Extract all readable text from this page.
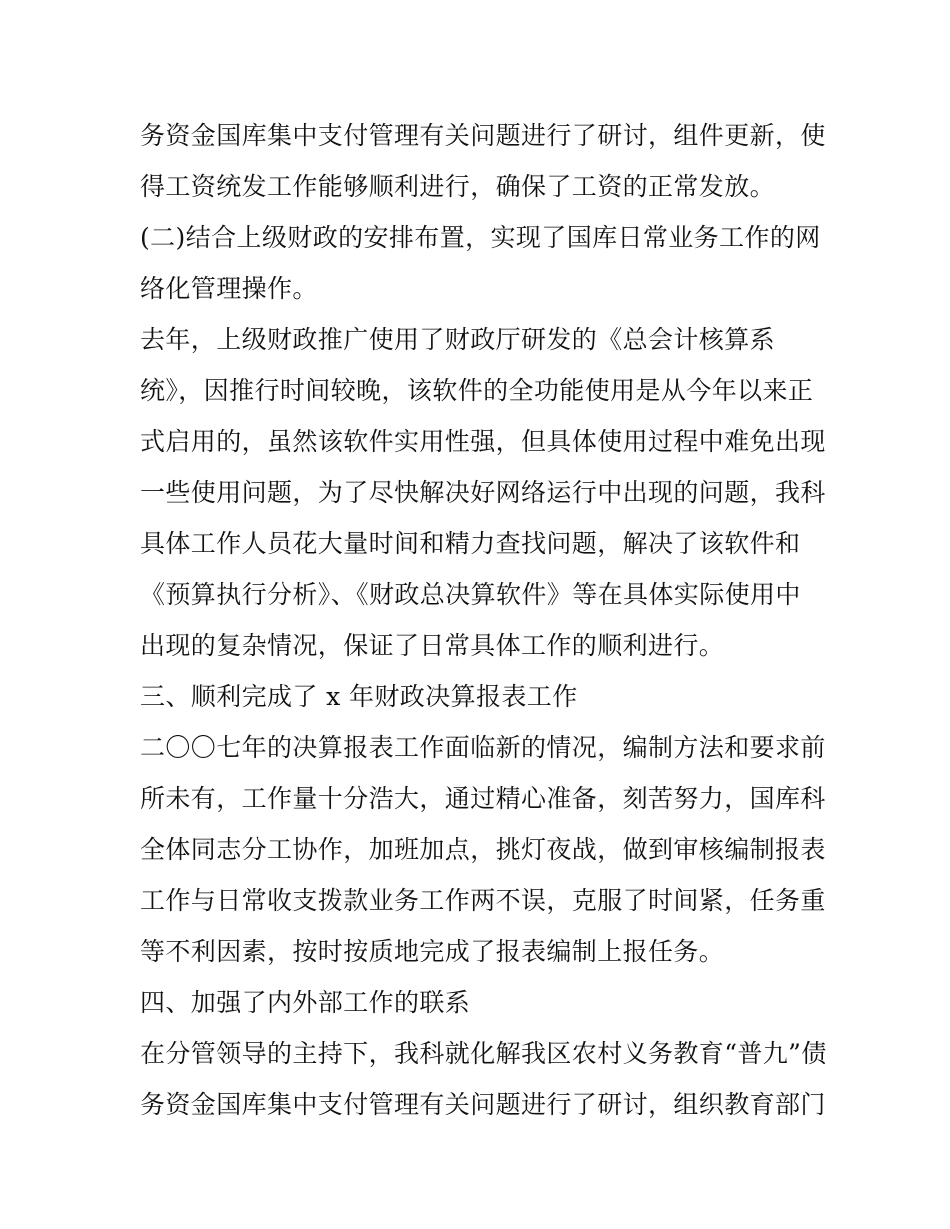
务资金国库集中支付管理有关问题进行了研讨，组件更新，使
得工资统发工作能够顺利进行，确保了工资的正常发放。
(二)结合上级财政的安排布置，实现了国库日常业务工作的网
络化管理操作。
去年，上级财政推广使用了财政厅研发的《总会计核算系
统》，因推行时间较晚，该软件的全功能使用是从今年以来正
式启用的，虽然该软件实用性强，但具体使用过程中难免出现
一些使用问题，为了尽快解决好网络运行中出现的问题，我科
具体工作人员花大量时间和精力查找问题，解决了该软件和
《预算执行分析》、《财政总决算软件》等在具体实际使用中
出现的复杂情况，保证了日常具体工作的顺利进行。
三、顺利完成了 x 年财政决算报表工作
二〇〇七年的决算报表工作面临新的情况，编制方法和要求前
所未有，工作量十分浩大，通过精心准备，刻苦努力，国库科
全体同志分工协作，加班加点，挑灯夜战，做到审核编制报表
工作与日常收支拨款业务工作两不误，克服了时间紧，任务重
等不利因素，按时按质地完成了报表编制上报任务。
四、加强了内外部工作的联系
在分管领导的主持下，我科就化解我区农村义务教育“普九”债
务资金国库集中支付管理有关问题进行了研讨，组织教育部门
